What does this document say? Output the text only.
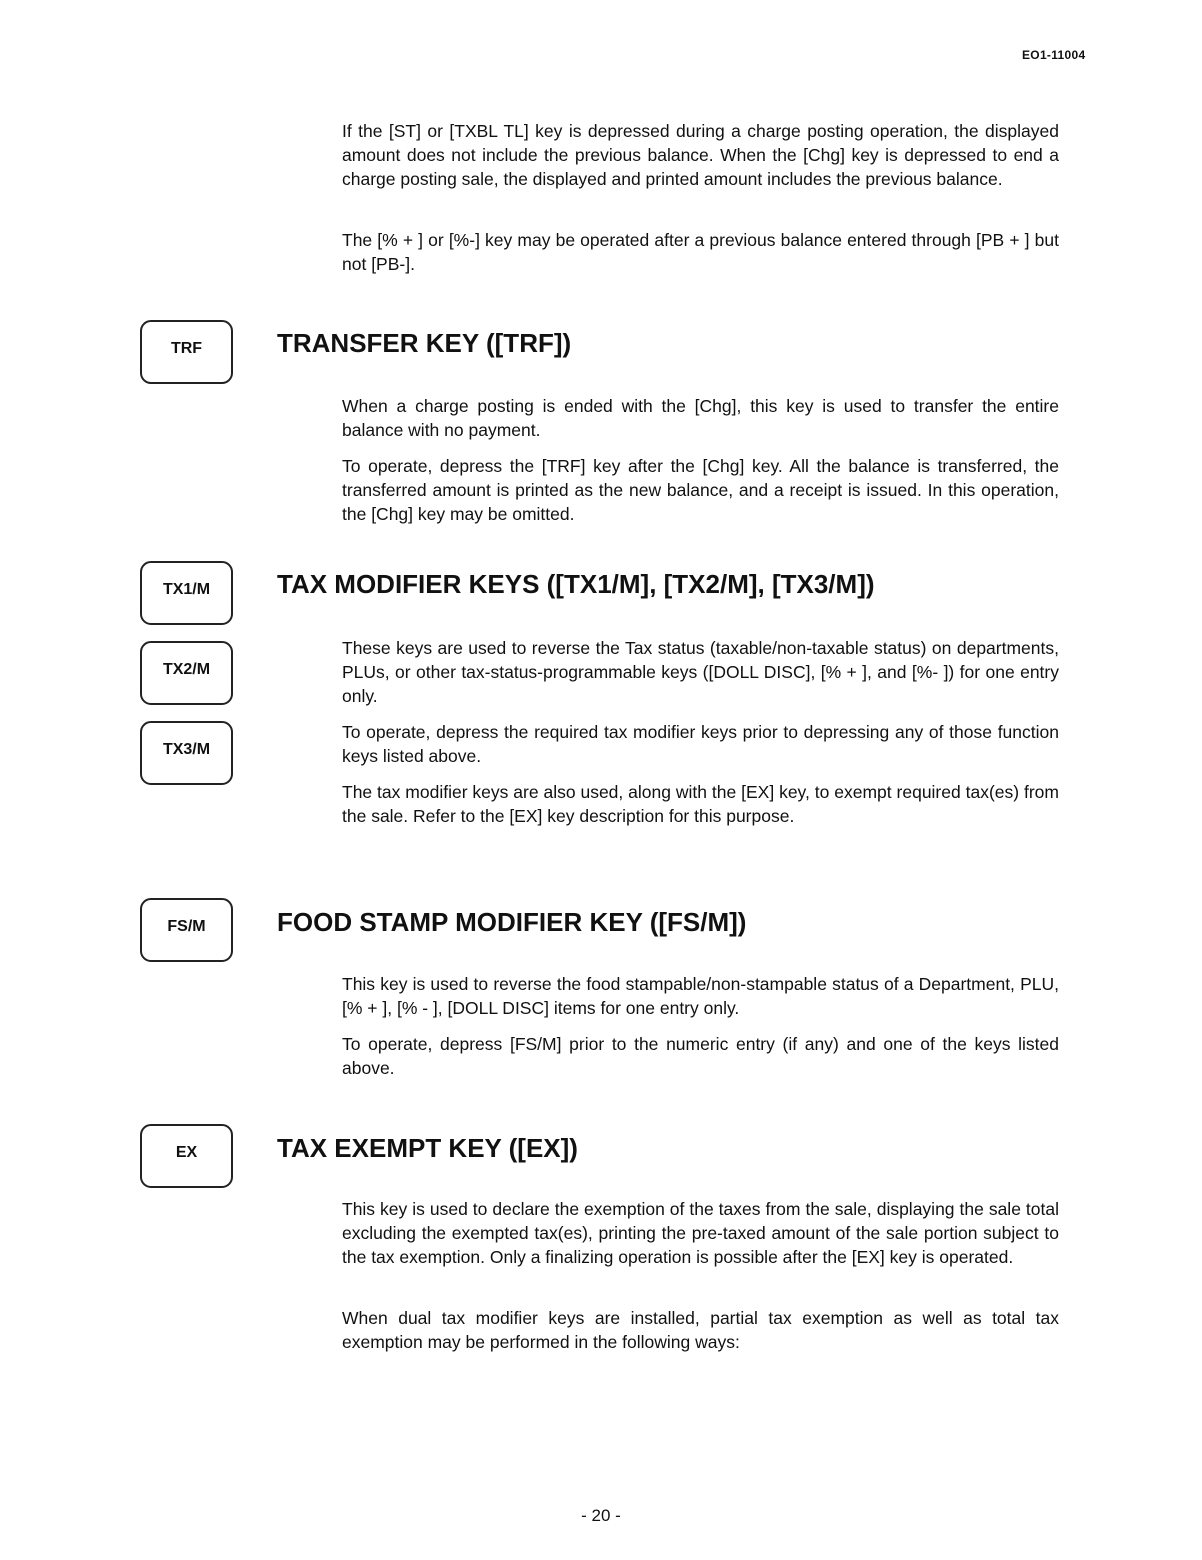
EO1-11004

If the [ST] or [TXBL TL] key is depressed during a charge posting operation, the displayed amount does not include the previous balance. When the [Chg] key is depressed to end a charge posting sale, the displayed and printed amount includes the previous balance.

The [% + ] or [%-] key may be operated after a previous balance entered through [PB + ] but not [PB-].

TRF	TRANSFER KEY ([TRF])

When a charge posting is ended with the [Chg], this key is used to transfer the entire balance with no payment.

To operate, depress the [TRF] key after the [Chg] key. All the balance is transferred, the transferred amount is printed as the new balance, and a receipt is issued. In this operation, the [Chg] key may be omitted.

TX1/M
TX2/M
TX3/M
TAX MODIFIER KEYS ([TX1/M], [TX2/M], [TX3/M])

These keys are used to reverse the Tax status (taxable/non-taxable status) on departments, PLUs, or other tax-status-programmable keys ([DOLL DISC], [% + ], and [%- ]) for one entry only.

To operate, depress the required tax modifier keys prior to depressing any of those function keys listed above.

The tax modifier keys are also used, along with the [EX] key, to exempt required tax(es) from the sale. Refer to the [EX] key description for this purpose.

FS/M	FOOD STAMP MODIFIER KEY ([FS/M])

This key is used to reverse the food stampable/non-stampable status of a Department, PLU, [% + ], [% - ], [DOLL DISC] items for one entry only.

To operate, depress [FS/M] prior to the numeric entry (if any) and one of the keys listed above.

EX	TAX EXEMPT KEY ([EX])

This key is used to declare the exemption of the taxes from the sale, displaying the sale total excluding the exempted tax(es), printing the pre-taxed amount of the sale portion subject to the tax exemption. Only a finalizing operation is possible after the [EX] key is operated.

When dual tax modifier keys are installed, partial tax exemption as well as total tax exemption may be performed in the following ways:

- 20 -
